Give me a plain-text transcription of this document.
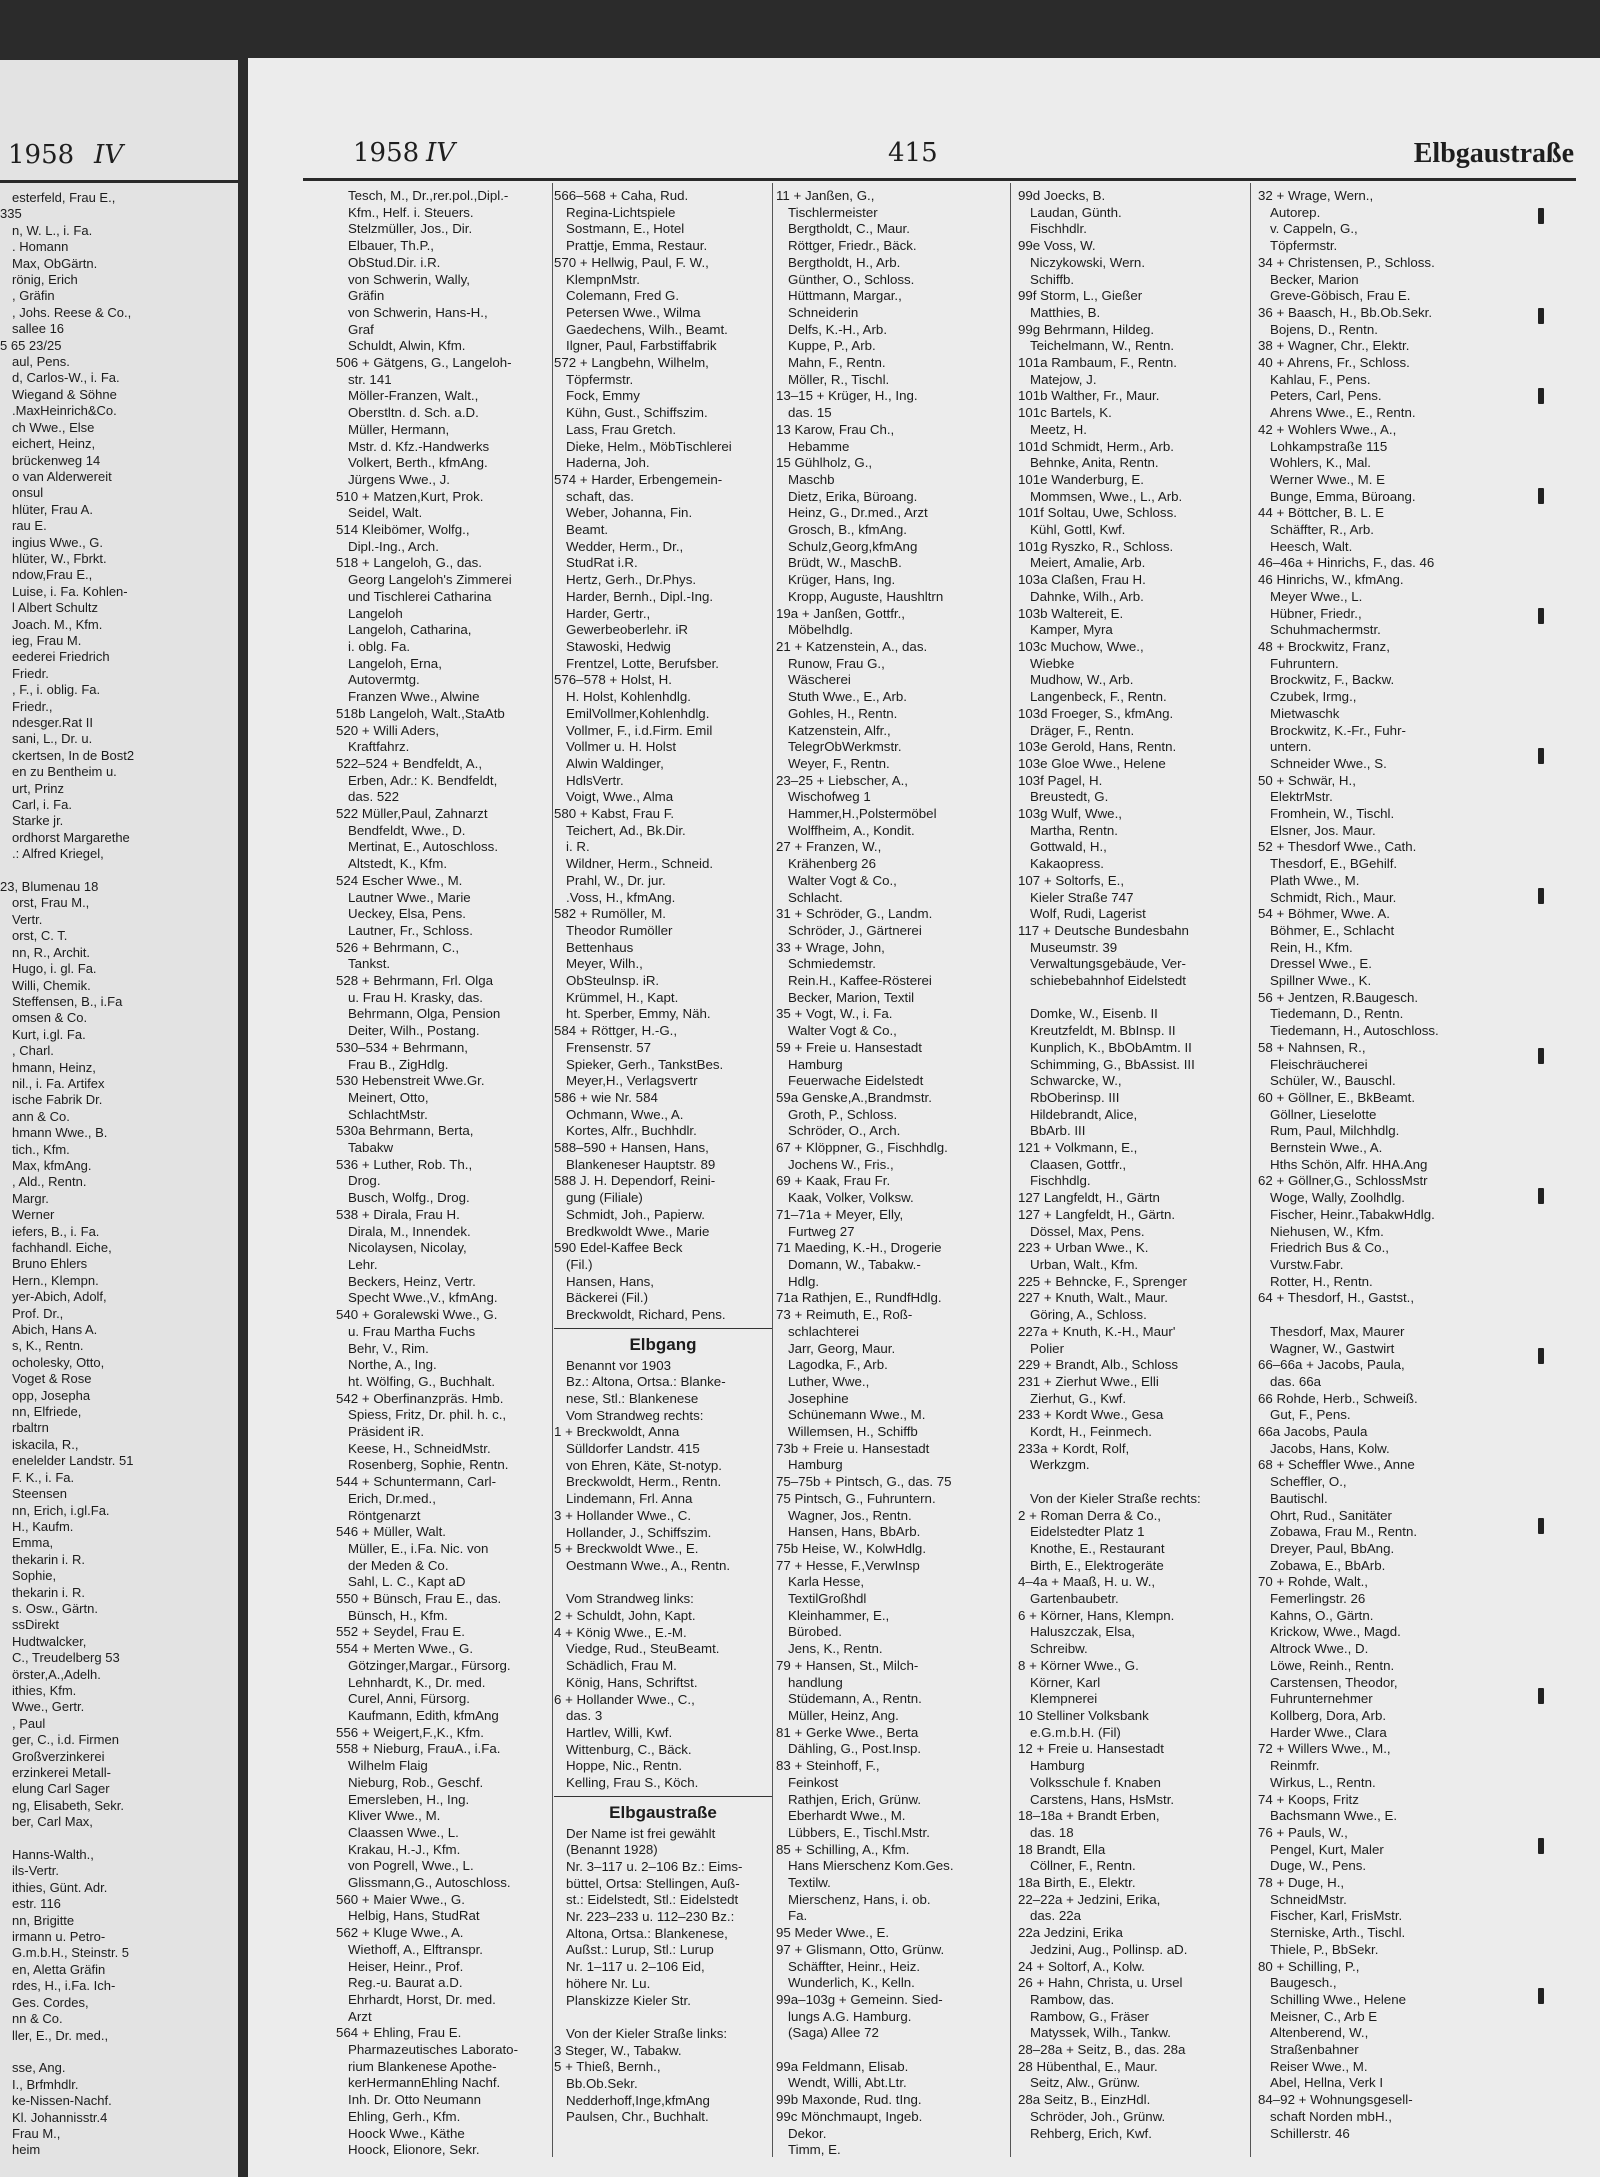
1958 IV
esterfeld, Frau E.,
335
n, W. L., i. Fa.
. Homann
Max, ObGärtn.
rönig, Erich
, Gräfin
, Johs. Reese & Co.,
sallee 16
5 65 23/25
aul, Pens.
d, Carlos-W., i. Fa.
Wiegand & Söhne
.MaxHeinrich&Co.
ch Wwe., Else
eichert, Heinz,
brückenweg 14
o van Alderwereit
onsul
hlüter, Frau A.
rau E.
ingius Wwe., G.
hlüter, W., Fbrkt.
ndow,Frau E.,
Luise, i. Fa. Kohlen-
l Albert Schultz
Joach. M., Kfm.
ieg, Frau M.
eederei Friedrich
Friedr.
, F., i. oblig. Fa.
Friedr.,
ndesger.Rat II
sani, L., Dr. u.
ckertsen, In de Bost2
en zu Bentheim u.
urt, Prinz
Carl, i. Fa.
Starke jr.
ordhorst Margarethe
.: Alfred Kriegel,

23, Blumenau 18
orst, Frau M.,
Vertr.
orst, C. T.
nn, R., Archit.
Hugo, i. gl. Fa.
Willi, Chemik.
Steffensen, B., i.Fa
omsen & Co.
Kurt, i.gl. Fa.
, Charl.
hmann, Heinz,
nil., i. Fa. Artifex
ische Fabrik Dr.
ann & Co.
hmann Wwe., B.
tich., Kfm.
Max, kfmAng.
, Ald., Rentn.
Margr.
Werner
iefers, B., i. Fa.
fachhandl. Eiche,
Bruno Ehlers
Hern., Klempn.
yer-Abich, Adolf,
Prof. Dr.,
Abich, Hans A.
s, K., Rentn.
ocholesky, Otto,
Voget & Rose
opp, Josepha
nn, Elfriede,
rbaltrn
iskacila, R.,
enelelder Landstr. 51
F. K., i. Fa.
Steensen
nn, Erich, i.gl.Fa.
H., Kaufm.
Emma,
thekarin i. R.
Sophie,
thekarin i. R.
s. Osw., Gärtn.
ssDirekt
Hudtwalcker,
C., Treudelberg 53
örster,A.,Adelh.
ithies, Kfm.
Wwe., Gertr.
, Paul
ger, C., i.d. Firmen
Großverzinkerei
erzinkerei Metall-
elung Carl Sager
ng, Elisabeth, Sekr.
ber, Carl Max,

Hanns-Walth.,
ils-Vertr.
ithies, Günt. Adr.
estr. 116
nn, Brigitte
irmann u. Petro-
G.m.b.H., Steinstr. 5
en, Aletta Gräfin
rdes, H., i.Fa. Ich-
Ges. Cordes,
nn & Co.
ller, E., Dr. med.,

sse, Ang.
I., Brfmhdlr.
ke-Nissen-Nachf.
Kl. Johannisstr.4
Frau M.,
heim
1958 IV	415	Elbgaustraße
Tesch, M., Dr.,rer.pol.,Dipl.-
Kfm., Helf. i. Steuers.
Stelzmüller, Jos., Dir.
Elbauer, Th.P.,
ObStud.Dir. i.R.
von Schwerin, Wally,
Gräfin
von Schwerin, Hans-H.,
Graf
Schuldt, Alwin, Kfm.
506 + Gätgens, G., Langeloh-
str. 141
Möller-Franzen, Walt.,
Oberstltn. d. Sch. a.D.
Müller, Hermann,
Mstr. d. Kfz.-Handwerks
Volkert, Berth., kfmAng.
Jürgens Wwe., J.
510 + Matzen,Kurt, Prok.
Seidel, Walt.
514 Kleibömer, Wolfg.,
Dipl.-Ing., Arch.
518 + Langeloh, G., das.
Georg Langeloh's Zimmerei
und Tischlerei Catharina
Langeloh
Langeloh, Catharina,
i. oblg. Fa.
Langeloh, Erna,
Autovermtg.
Franzen Wwe., Alwine
518b Langeloh, Walt.,StaAtb
520 + Willi Aders,
Kraftfahrz.
522–524 + Bendfeldt, A.,
Erben, Adr.: K. Bendfeldt,
das. 522
522 Müller,Paul, Zahnarzt
Bendfeldt, Wwe., D.
Mertinat, E., Autoschloss.
Altstedt, K., Kfm.
524 Escher Wwe., M.
Lautner Wwe., Marie
Ueckey, Elsa, Pens.
Lautner, Fr., Schloss.
526 + Behrmann, C.,
Tankst.
528 + Behrmann, Frl. Olga
u. Frau H. Krasky, das.
Behrmann, Olga, Pension
Deiter, Wilh., Postang.
530–534 + Behrmann,
Frau B., ZigHdlg.
530 Hebenstreit Wwe.Gr.
Meinert, Otto,
SchlachtMstr.
530a Behrmann, Berta,
Tabakw
536 + Luther, Rob. Th.,
Drog.
Busch, Wolfg., Drog.
538 + Dirala, Frau H.
Dirala, M., Innendek.
Nicolaysen, Nicolay,
Lehr.
Beckers, Heinz, Vertr.
Specht Wwe.,V., kfmAng.
540 + Goralewski Wwe., G.
u. Frau Martha Fuchs
Behr, V., Rim.
Northe, A., Ing.
ht. Wölfing, G., Buchhalt.
542 + Oberfinanzpräs. Hmb.
Spiess, Fritz, Dr. phil. h. c.,
Präsident iR.
Keese, H., SchneidMstr.
Rosenberg, Sophie, Rentn.
544 + Schuntermann, Carl-
Erich, Dr.med.,
Röntgenarzt
546 + Müller, Walt.
Müller, E., i.Fa. Nic. von
der Meden & Co.
Sahl, L. C., Kapt aD
550 + Bünsch, Frau E., das.
Bünsch, H., Kfm.
552 + Seydel, Frau E.
554 + Merten Wwe., G.
Götzinger,Margar., Fürsorg.
Lehnhardt, K., Dr. med.
Curel, Anni, Fürsorg.
Kaufmann, Edith, kfmAng
556 + Weigert,F.,K., Kfm.
558 + Nieburg, FrauA., i.Fa.
Wilhelm Flaig
Nieburg, Rob., Geschf.
Emersleben, H., Ing.
Kliver Wwe., M.
Claassen Wwe., L.
Krakau, H.-J., Kfm.
von Pogrell, Wwe., L.
Glissmann,G., Autoschloss.
560 + Maier Wwe., G.
Helbig, Hans, StudRat
562 + Kluge Wwe., A.
Wiethoff, A., Elftranspr.
Heiser, Heinr., Prof.
Reg.-u. Baurat a.D.
Ehrhardt, Horst, Dr. med.
Arzt
564 + Ehling, Frau E.
Pharmazeutisches Laborato-
rium Blankenese Apothe-
kerHermannEhling Nachf.
Inh. Dr. Otto Neumann
Ehling, Gerh., Kfm.
Hoock Wwe., Käthe
Hoock, Elionore, Sekr.
566–568 + Caha, Rud.
Regina-Lichtspiele
Sostmann, E., Hotel
Prattje, Emma, Restaur.
570 + Hellwig, Paul, F. W.,
KlempnMstr.
Colemann, Fred G.
Petersen Wwe., Wilma
Gaedechens, Wilh., Beamt.
Ilgner, Paul, Farbstiffabrik
572 + Langbehn, Wilhelm,
Töpfermstr.
Fock, Emmy
Kühn, Gust., Schiffszim.
Lass, Frau Gretch.
Dieke, Helm., MöbTischlerei
Haderna, Joh.
574 + Harder, Erbengemein-
schaft, das.
Weber, Johanna, Fin.
Beamt.
Wedder, Herm., Dr.,
StudRat i.R.
Hertz, Gerh., Dr.Phys.
Harder, Bernh., Dipl.-Ing.
Harder, Gertr.,
Gewerbeoberlehr. iR
Stawoski, Hedwig
Frentzel, Lotte, Berufsber.
576–578 + Holst, H.
H. Holst, Kohlenhdlg.
EmilVollmer,Kohlenhdlg.
Vollmer, F., i.d.Firm. Emil
Vollmer u. H. Holst
Alwin Waldinger,
HdlsVertr.
Voigt, Wwe., Alma
580 + Kabst, Frau F.
Teichert, Ad., Bk.Dir.
i. R.
Wildner, Herm., Schneid.
Prahl, W., Dr. jur.
.Voss, H., kfmAng.
582 + Rumöller, M.
Theodor Rumöller
Bettenhaus
Meyer, Wilh.,
ObSteulnsp. iR.
Krümmel, H., Kapt.
ht. Sperber, Emmy, Näh.
584 + Röttger, H.-G.,
Frensenstr. 57
Spieker, Gerh., TankstBes.
Meyer,H., Verlagsvertr
586 + wie Nr. 584
Ochmann, Wwe., A.
Kortes, Alfr., Buchhdlr.
588–590 + Hansen, Hans,
Blankeneser Hauptstr. 89
588 J. H. Dependorf, Reini-
gung (Filiale)
Schmidt, Joh., Papierw.
Bredkwoldt Wwe., Marie
590 Edel-Kaffee Beck
(Fil.)
Hansen, Hans,
Bäckerei (Fil.)
Breckwoldt, Richard, Pens.
Elbgang
Benannt vor 1903
Bz.: Altona, Ortsa.: Blanke-
nese, Stl.: Blankenese
Vom Strandweg rechts:
1 + Breckwoldt, Anna
Sülldorfer Landstr. 415
von Ehren, Käte, St-notyp.
Breckwoldt, Herm., Rentn.
Lindemann, Frl. Anna
3 + Hollander Wwe., C.
Hollander, J., Schiffszim.
5 + Breckwoldt Wwe., E.
Oestmann Wwe., A., Rentn.

Vom Strandweg links:
2 + Schuldt, John, Kapt.
4 + König Wwe., E.-M.
Viedge, Rud., SteuBeamt.
Schädlich, Frau M.
König, Hans, Schriftst.
6 + Hollander Wwe., C.,
das. 3
Hartlev, Willi, Kwf.
Wittenburg, C., Bäck.
Hoppe, Nic., Rentn.
Kelling, Frau S., Köch.
Elbgaustraße
Der Name ist frei gewählt
(Benannt 1928)
Nr. 3–117 u. 2–106 Bz.: Eims-
büttel, Ortsa: Stellingen, Auß-
st.: Eidelstedt, Stl.: Eidelstedt
Nr. 223–233 u. 112–230 Bz.:
Altona, Ortsa.: Blankenese,
Außst.: Lurup, Stl.: Lurup
Nr. 1–117 u. 2–106 Eid,
höhere Nr. Lu.
Planskizze Kieler Str.

Von der Kieler Straße links:
3 Steger, W., Tabakw.
5 + Thieß, Bernh.,
Bb.Ob.Sekr.
Nedderhoff,Inge,kfmAng
Paulsen, Chr., Buchhalt.
11 + Janßen, G.,
Tischlermeister
Bergtholdt, C., Maur.
Röttger, Friedr., Bäck.
Bergtholdt, H., Arb.
Günther, O., Schloss.
Hüttmann, Margar.,
Schneiderin
Delfs, K.-H., Arb.
Kuppe, P., Arb.
Mahn, F., Rentn.
Möller, R., Tischl.
13–15 + Krüger, H., Ing.
das. 15
13 Karow, Frau Ch.,
Hebamme
15 Gühlholz, G.,
Maschb
Dietz, Erika, Büroang.
Heinz, G., Dr.med., Arzt
Grosch, B., kfmAng.
Schulz,Georg,kfmAng
Brüdt, W., MaschB.
Krüger, Hans, Ing.
Kropp, Auguste, Haushltrn
19a + Janßen, Gottfr.,
Möbelhdlg.
21 + Katzenstein, A., das.
Runow, Frau G.,
Wäscherei
Stuth Wwe., E., Arb.
Gohles, H., Rentn.
Katzenstein, Alfr.,
TelegrObWerkmstr.
Weyer, F., Rentn.
23–25 + Liebscher, A.,
Wischofweg 1
Hammer,H.,Polstermöbel
Wolffheim, A., Kondit.
27 + Franzen, W.,
Krähenberg 26
Walter Vogt & Co.,
Schlacht.
31 + Schröder, G., Landm.
Schröder, J., Gärtnerei
33 + Wrage, John,
Schmiedemstr.
Rein.H., Kaffee-Rösterei
Becker, Marion, Textil
35 + Vogt, W., i. Fa.
Walter Vogt & Co.,
59 + Freie u. Hansestadt
Hamburg
Feuerwache Eidelstedt
59a Genske,A.,Brandmstr.
Groth, P., Schloss.
Schröder, O., Arch.
67 + Klöppner, G., Fischhdlg.
Jochens W., Fris.,
69 + Kaak, Frau Fr.
Kaak, Volker, Volksw.
71–71a + Meyer, Elly,
Furtweg 27
71 Maeding, K.-H., Drogerie
Domann, W., Tabakw.-
Hdlg.
71a Rathjen, E., RundfHdlg.
73 + Reimuth, E., Roß-
schlachterei
Jarr, Georg, Maur.
Lagodka, F., Arb.
Luther, Wwe.,
Josephine
Schünemann Wwe., M.
Willemsen, H., Schiffb
73b + Freie u. Hansestadt
Hamburg
75–75b + Pintsch, G., das. 75
75 Pintsch, G., Fuhruntern.
Wagner, Jos., Rentn.
Hansen, Hans, BbArb.
75b Heise, W., KolwHdlg.
77 + Hesse, F.,VerwInsp
Karla Hesse,
TextilGroßhdl
Kleinhammer, E.,
Bürobed.
Jens, K., Rentn.
79 + Hansen, St., Milch-
handlung
Stüdemann, A., Rentn.
Müller, Heinz, Ang.
81 + Gerke Wwe., Berta
Dähling, G., Post.Insp.
83 + Steinhoff, F.,
Feinkost
Rathjen, Erich, Grünw.
Eberhardt Wwe., M.
Lübbers, E., Tischl.Mstr.
85 + Schilling, A., Kfm.
Hans Mierschenz Kom.Ges.
Textilw.
Mierschenz, Hans, i. ob.
Fa.
95 Meder Wwe., E.
97 + Glismann, Otto, Grünw.
Schäffter, Heinr., Heiz.
Wunderlich, K., Kelln.
99a–103g + Gemeinn. Sied-
lungs A.G. Hamburg.
(Saga) Allee 72

99a Feldmann, Elisab.
Wendt, Willi, Abt.Ltr.
99b Maxonde, Rud. tIng.
99c Mönchmaupt, Ingeb.
Dekor.
Timm, E.
99d Joecks, B.
Laudan, Günth.
Fischhdlr.
99e Voss, W.
Niczykowski, Wern.
Schiffb.
99f Storm, L., Gießer
Matthies, B.
99g Behrmann, Hildeg.
Teichelmann, W., Rentn.
101a Rambaum, F., Rentn.
Matejow, J.
101b Walther, Fr., Maur.
101c Bartels, K.
Meetz, H.
101d Schmidt, Herm., Arb.
Behnke, Anita, Rentn.
101e Wanderburg, E.
Mommsen, Wwe., L., Arb.
101f Soltau, Uwe, Schloss.
Kühl, Gottl, Kwf.
101g Ryszko, R., Schloss.
Meiert, Amalie, Arb.
103a Claßen, Frau H.
Dahnke, Wilh., Arb.
103b Waltereit, E.
Kamper, Myra
103c Muchow, Wwe.,
Wiebke
Mudhow, W., Arb.
Langenbeck, F., Rentn.
103d Froeger, S., kfmAng.
Dräger, F., Rentn.
103e Gerold, Hans, Rentn.
103e Gloe Wwe., Helene
103f Pagel, H.
Breustedt, G.
103g Wulf, Wwe.,
Martha, Rentn.
Gottwald, H.,
Kakaopress.
107 + Soltorfs, E.,
Kieler Straße 747
Wolf, Rudi, Lagerist
117 + Deutsche Bundesbahn
Museumstr. 39
Verwaltungsgebäude, Ver-
schiebebahnhof Eidelstedt

Domke, W., Eisenb. II
Kreutzfeldt, M. BbInsp. II
Kunplich, K., BbObAmtm. II
Schimming, G., BbAssist. III
Schwarcke, W.,
RbOberinsp. III
Hildebrandt, Alice,
BbArb. III
121 + Volkmann, E.,
Claasen, Gottfr.,
Fischhdlg.
127 Langfeldt, H., Gärtn
127 + Langfeldt, H., Gärtn.
Dössel, Max, Pens.
223 + Urban Wwe., K.
Urban, Walt., Kfm.
225 + Behncke, F., Sprenger
227 + Knuth, Walt., Maur.
Göring, A., Schloss.
227a + Knuth, K.-H., Maur'
Polier
229 + Brandt, Alb., Schloss
231 + Zierhut Wwe., Elli
Zierhut, G., Kwf.
233 + Kordt Wwe., Gesa
Kordt, H., Feinmech.
233a + Kordt, Rolf,
Werkzgm.

Von der Kieler Straße rechts:
2 + Roman Derra & Co.,
Eidelstedter Platz 1
Knothe, E., Restaurant
Birth, E., Elektrogeräte
4–4a + Maaß, H. u. W.,
Gartenbaubetr.
6 + Körner, Hans, Klempn.
Haluszczak, Elsa,
Schreibw.
8 + Körner Wwe., G.
Körner, Karl
Klempnerei
10 Stelliner Volksbank
e.G.m.b.H. (Fil)
12 + Freie u. Hansestadt
Hamburg
Volksschule f. Knaben
Carstens, Hans, HsMstr.
18–18a + Brandt Erben,
das. 18
18 Brandt, Ella
Cöllner, F., Rentn.
18a Birth, E., Elektr.
22–22a + Jedzini, Erika,
das. 22a
22a Jedzini, Erika
Jedzini, Aug., Pollinsp. aD.
24 + Soltorf, A., Kolw.
26 + Hahn, Christa, u. Ursel
Rambow, das.
Rambow, G., Fräser
Matyssek, Wilh., Tankw.
28–28a + Seitz, B., das. 28a
28 Hübenthal, E., Maur.
Seitz, Alw., Grünw.
28a Seitz, B., EinzHdl.
Schröder, Joh., Grünw.
Rehberg, Erich, Kwf.
32 + Wrage, Wern.,
Autorep.
v. Cappeln, G.,
Töpfermstr.
34 + Christensen, P., Schloss.
Becker, Marion
Greve-Göbisch, Frau E.
36 + Baasch, H., Bb.Ob.Sekr.
Bojens, D., Rentn.
38 + Wagner, Chr., Elektr.
40 + Ahrens, Fr., Schloss.
Kahlau, F., Pens.
Peters, Carl, Pens.
Ahrens Wwe., E., Rentn.
42 + Wohlers Wwe., A.,
Lohkampstraße 115
Wohlers, K., Mal.
Werner Wwe., M. E
Bunge, Emma, Büroang.
44 + Böttcher, B. L. E
Schäffter, R., Arb.
Heesch, Walt.
46–46a + Hinrichs, F., das. 46
46 Hinrichs, W., kfmAng.
Meyer Wwe., L.
Hübner, Friedr.,
Schuhmachermstr.
48 + Brockwitz, Franz,
Fuhruntern.
Brockwitz, F., Backw.
Czubek, Irmg.,
Mietwaschk
Brockwitz, K.-Fr., Fuhr-
untern.
Schneider Wwe., S.
50 + Schwär, H.,
ElektrMstr.
Fromhein, W., Tischl.
Elsner, Jos. Maur.
52 + Thesdorf Wwe., Cath.
Thesdorf, E., BGehilf.
Plath Wwe., M.
Schmidt, Rich., Maur.
54 + Böhmer, Wwe. A.
Böhmer, E., Schlacht
Rein, H., Kfm.
Dressel Wwe., E.
Spillner Wwe., K.
56 + Jentzen, R.Baugesch.
Tiedemann, D., Rentn.
Tiedemann, H., Autoschloss.
58 + Nahnsen, R.,
Fleischräucherei
Schüler, W., Bauschl.
60 + Göllner, E., BkBeamt.
Göllner, Lieselotte
Rum, Paul, Milchhdlg.
Bernstein Wwe., A.
Hths Schön, Alfr. HHA.Ang
62 + Göllner,G., SchlossMstr
Woge, Wally, Zoolhdlg.
Fischer, Heinr.,TabakwHdlg.
Niehusen, W., Kfm.
Friedrich Bus & Co.,
Vurstw.Fabr.
Rotter, H., Rentn.
64 + Thesdorf, H., Gastst.,

Thesdorf, Max, Maurer
Wagner, W., Gastwirt
66–66a + Jacobs, Paula,
das. 66a
66 Rohde, Herb., Schweiß.
Gut, F., Pens.
66a Jacobs, Paula
Jacobs, Hans, Kolw.
68 + Scheffler Wwe., Anne
Scheffler, O.,
Bautischl.
Ohrt, Rud., Sanitäter
Zobawa, Frau M., Rentn.
Dreyer, Paul, BbAng.
Zobawa, E., BbArb.
70 + Rohde, Walt.,
Femerlingstr. 26
Kahns, O., Gärtn.
Krickow, Wwe., Magd.
Altrock Wwe., D.
Löwe, Reinh., Rentn.
Carstensen, Theodor,
Fuhrunternehmer
Kollberg, Dora, Arb.
Harder Wwe., Clara
72 + Willers Wwe., M.,
Reinmfr.
Wirkus, L., Rentn.
74 + Koops, Fritz
Bachsmann Wwe., E.
76 + Pauls, W.,
Pengel, Kurt, Maler
Duge, W., Pens.
78 + Duge, H.,
SchneidMstr.
Fischer, Karl, FrisMstr.
Sterniske, Arth., Tischl.
Thiele, P., BbSekr.
80 + Schilling, P.,
Baugesch.,
Schilling Wwe., Helene
Meisner, C., Arb E
Altenberend, W.,
Straßenbahner
Reiser Wwe., M.
Abel, Hellna, Verk I
84–92 + Wohnungsgesell-
schaft Norden mbH.,
Schillerstr. 46
